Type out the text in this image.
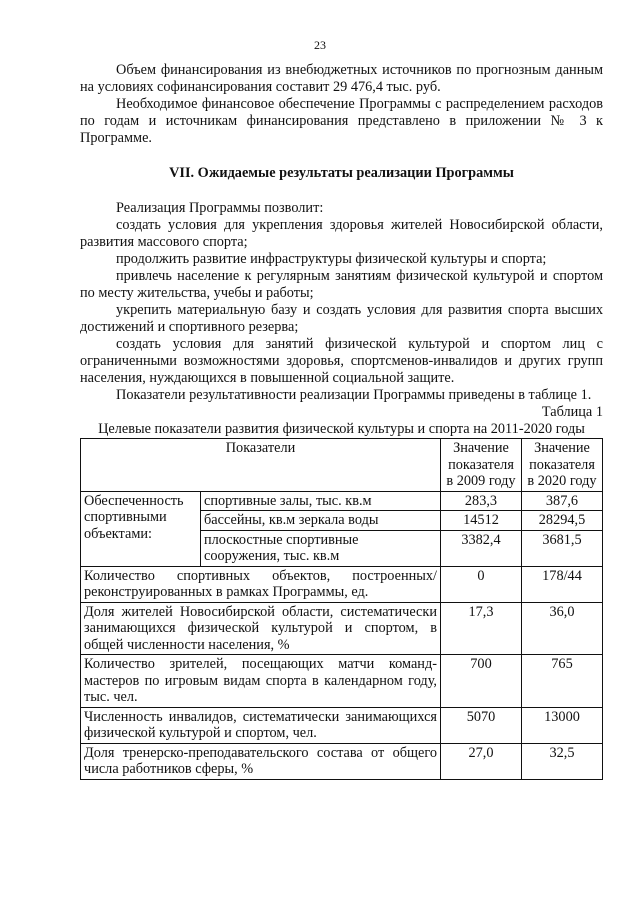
23

Объем финансирования из внебюджетных источников по прогнозным данным на условиях софинансирования составит 29 476,4 тыс. руб.

Необходимое финансовое обеспечение Программы с распределением расходов по годам и источникам финансирования представлено в приложении № 3 к Программе.

VII. Ожидаемые результаты реализации Программы

Реализация Программы позволит:

создать условия для укрепления здоровья жителей Новосибирской области, развития массового спорта;

продолжить развитие инфраструктуры физической культуры и спорта;

привлечь население к регулярным занятиям физической культурой и спортом по месту жительства, учебы и работы;

укрепить материальную базу и создать условия для развития спорта высших достижений и спортивного резерва;

создать условия для занятий физической культурой и спортом лиц с ограниченными возможностями здоровья, спортсменов-инвалидов и других групп населения, нуждающихся в повышенной социальной защите.

Показатели результативности реализации Программы приведены в таблице 1.

Таблица 1
Целевые показатели развития физической культуры и спорта на 2011-2020 годы
Показатели		Значение показателя в 2009 году	Значение показателя в 2020 году
Обеспеченность спортивными объектами:	спортивные залы, тыс. кв.м	283,3	387,6
	бассейны, кв.м зеркала воды	14512	28294,5
	плоскостные спортивные сооружения, тыс. кв.м	3382,4	3681,5
Количество спортивных объектов, построенных/ реконструированных в рамках Программы, ед.		0	178/44
Доля жителей Новосибирской области, систематически занимающихся физической культурой и спортом, в общей численности населения, %		17,3	36,0
Количество зрителей, посещающих матчи команд-мастеров по игровым видам спорта в календарном году, тыс. чел.		700	765
Численность инвалидов, систематически занимающихся физической культурой и спортом, чел.		5070	13000
Доля тренерско-преподавательского состава от общего числа работников сферы, %		27,0	32,5
